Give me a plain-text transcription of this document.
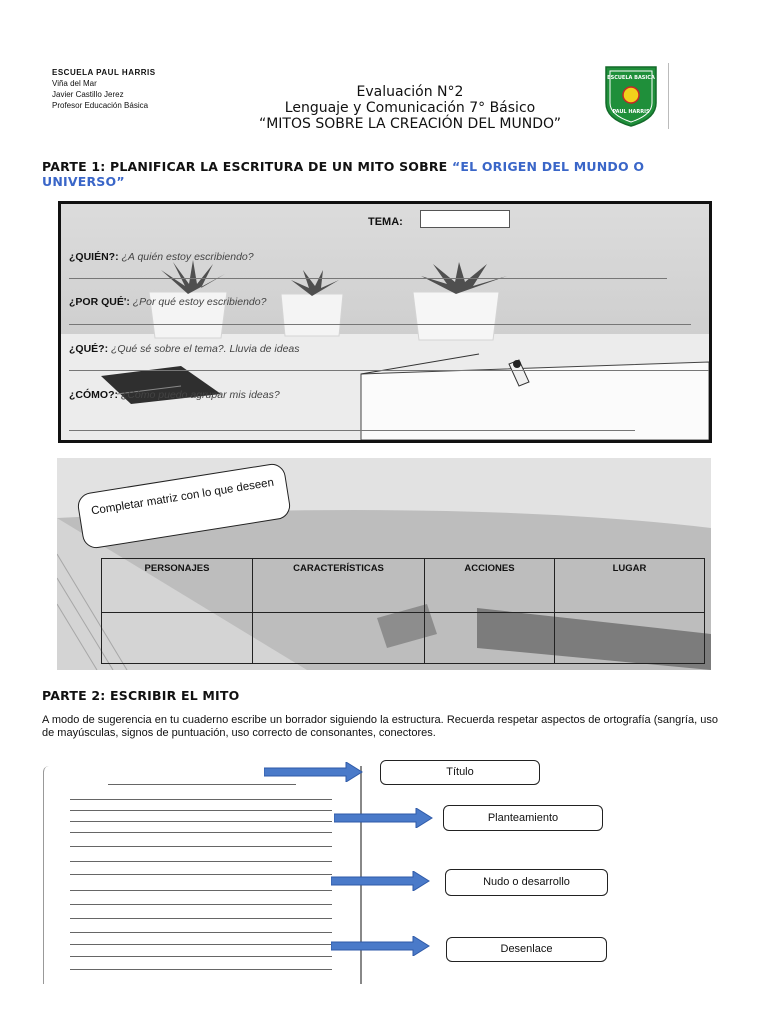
ESCUELA PAUL HARRIS
Viña del Mar
Javier Castillo Jerez
Profesor Educación Básica
Evaluación N°2
Lenguaje y Comunicación 7° Básico
“MITOS SOBRE LA CREACIÓN DEL MUNDO”
ESCUELA BASICA
PAUL HARRIS
PARTE 1: PLANIFICAR LA ESCRITURA DE UN MITO SOBRE “EL ORIGEN DEL MUNDO O UNIVERSO”
TEMA:
¿QUIÉN?: ¿A quién estoy escribiendo?
¿POR QUÉ': ¿Por qué estoy escribiendo?
¿QUÉ?: ¿Qué sé sobre el tema?. Lluvia de ideas
¿CÓMO?: ¿Cómo puedo agrupar mis ideas?
Completar matriz con lo que deseen
PERSONAJES	CARACTERÍSTICAS	ACCIONES	LUGAR

PARTE 2: ESCRIBIR EL MITO
A modo de sugerencia en tu cuaderno escribe un borrador siguiendo la estructura. Recuerda respetar aspectos de ortografía (sangría, uso de mayúsculas, signos de puntuación, uso correcto de consonantes, conectores.
Título
Planteamiento
Nudo o desarrollo
Desenlace
